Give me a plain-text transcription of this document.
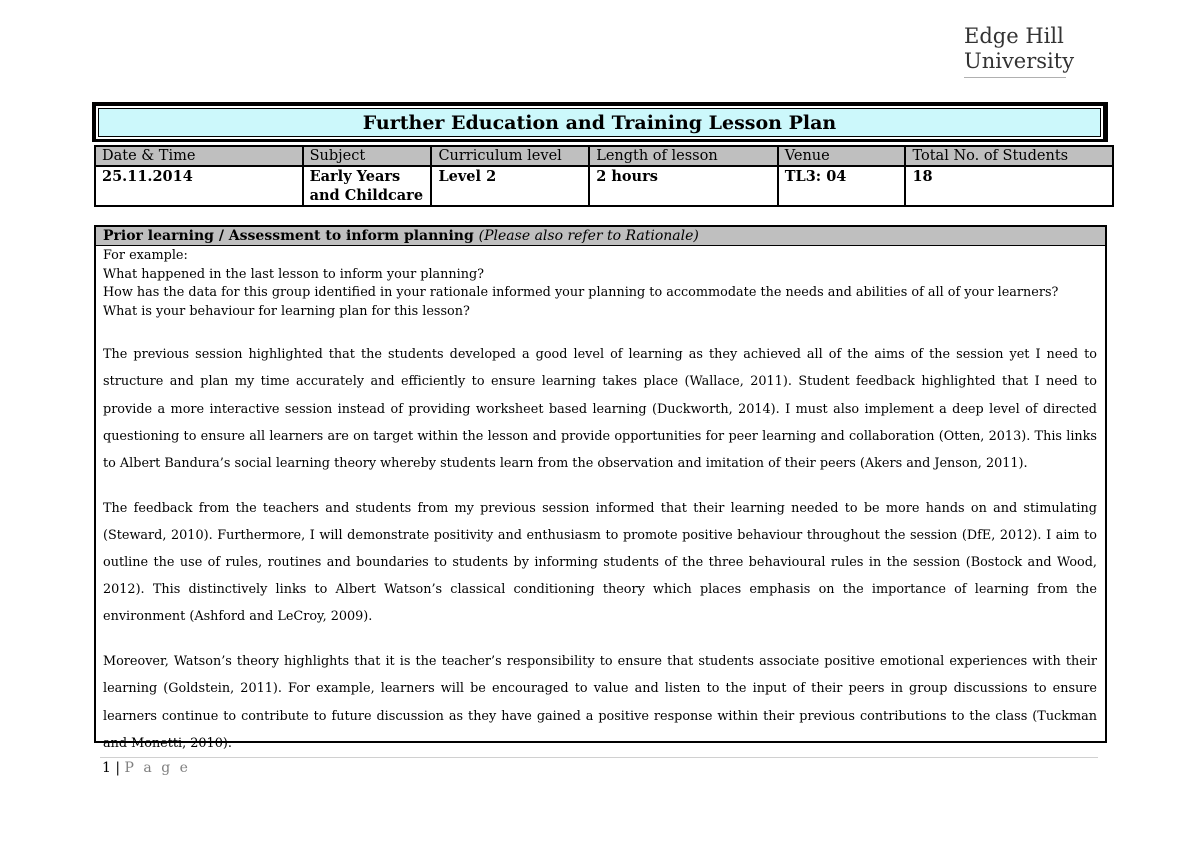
Edge Hill
University
Further Education and Training Lesson Plan
Date & Time	Subject	Curriculum level	Length of lesson	Venue	Total No. of Students
25.11.2014	Early Years and Childcare	Level 2	2 hours	TL3: 04	18
Prior learning / Assessment to inform planning (Please also refer to Rationale)
For example:
What happened in the last lesson to inform your planning?
How has the data for this group identified in your rationale informed your planning to accommodate the needs and abilities of all of your learners?
What is your behaviour for learning plan for this lesson?
The previous session highlighted that the students developed a good level of learning as they achieved all of the aims of the session yet I need to structure and plan my time accurately and efficiently to ensure learning takes place (Wallace, 2011). Student feedback highlighted that I need to provide a more interactive session instead of providing worksheet based learning (Duckworth, 2014). I must also implement a deep level of directed questioning to ensure all learners are on target within the lesson and provide opportunities for peer learning and collaboration (Otten, 2013). This links to Albert Bandura’s social learning theory whereby students learn from the observation and imitation of their peers (Akers and Jenson, 2011).
The feedback from the teachers and students from my previous session informed that their learning needed to be more hands on and stimulating (Steward, 2010). Furthermore, I will demonstrate positivity and enthusiasm to promote positive behaviour throughout the session (DfE, 2012). I aim to outline the use of rules, routines and boundaries to students by informing students of the three behavioural rules in the session (Bostock and Wood, 2012). This distinctively links to Albert Watson’s classical conditioning theory which places emphasis on the importance of learning from the environment (Ashford and LeCroy, 2009).
Moreover, Watson’s theory highlights that it is the teacher’s responsibility to ensure that students associate positive emotional experiences with their learning (Goldstein, 2011). For example, learners will be encouraged to value and listen to the input of their peers in group discussions to ensure learners continue to contribute to future discussion as they have gained a positive response within their previous contributions to the class (Tuckman and Monetti, 2010).
1 | P a g e
